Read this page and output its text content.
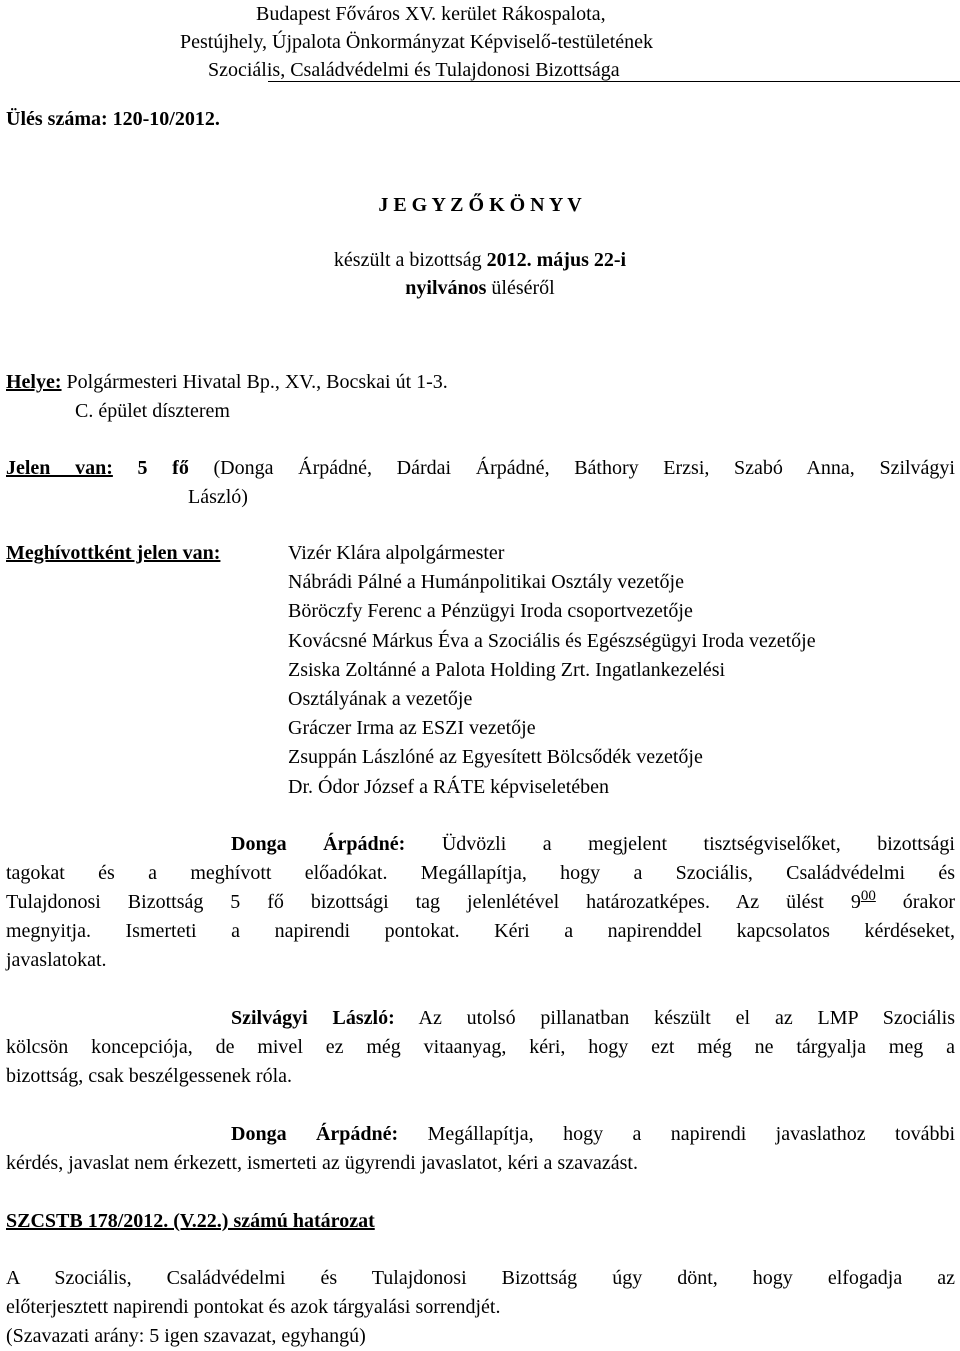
Budapest Főváros XV. kerület Rákospalota,
Pestújhely, Újpalota Önkormányzat Képviselő-testületének
Szociális, Családvédelmi és Tulajdonosi Bizottsága
Ülés száma: 120-10/2012.
J E G Y Z Ő K Ö N Y V
készült a bizottság 2012. május 22-i
nyilvános üléséről
Helye: Polgármesteri Hivatal Bp., XV., Bocskai út 1-3.
C. épület díszterem
Jelen van: 5 fő (Donga Árpádné, Dárdai Árpádné, Báthory Erzsi, Szabó Anna, Szilvágyi
László)
Meghívottként jelen van:	Vizér Klára alpolgármester
Nábrádi Pálné a Humánpolitikai Osztály vezetője
Böröczfy Ferenc a Pénzügyi Iroda csoportvezetője
Kovácsné Márkus Éva a Szociális és Egészségügyi Iroda vezetője
Zsiska Zoltánné a Palota Holding Zrt. Ingatlankezelési
Osztályának a vezetője
Gráczer Irma az ESZI vezetője
Zsuppán Lászlóné az Egyesített Bölcsődék vezetője
Dr. Ódor József a RÁTE képviseletében
Donga Árpádné: Üdvözli a megjelent tisztségviselőket, bizottsági
tagokat és a meghívott előadókat. Megállapítja, hogy a Szociális, Családvédelmi és
Tulajdonosi Bizottság 5 fő bizottsági tag jelenlétével határozatképes. Az ülést $9^{00}$ órakor
megnyitja. Ismerteti a napirendi pontokat. Kéri a napirenddel kapcsolatos kérdéseket,
javaslatokat.
Szilvágyi László: Az utolsó pillanatban készült el az LMP Szociális
kölcsön koncepciója, de mivel ez még vitaanyag, kéri, hogy ezt még ne tárgyalja meg a
bizottság, csak beszélgessenek róla.
Donga Árpádné: Megállapítja, hogy a napirendi javaslathoz további
kérdés, javaslat nem érkezett, ismerteti az ügyrendi javaslatot, kéri a szavazást.
SZCSTB 178/2012. (V.22.) számú határozat
A Szociális, Családvédelmi és Tulajdonosi Bizottság úgy dönt, hogy elfogadja az
előterjesztett napirendi pontokat és azok tárgyalási sorrendjét.
(Szavazati arány: 5 igen szavazat, egyhangú)
